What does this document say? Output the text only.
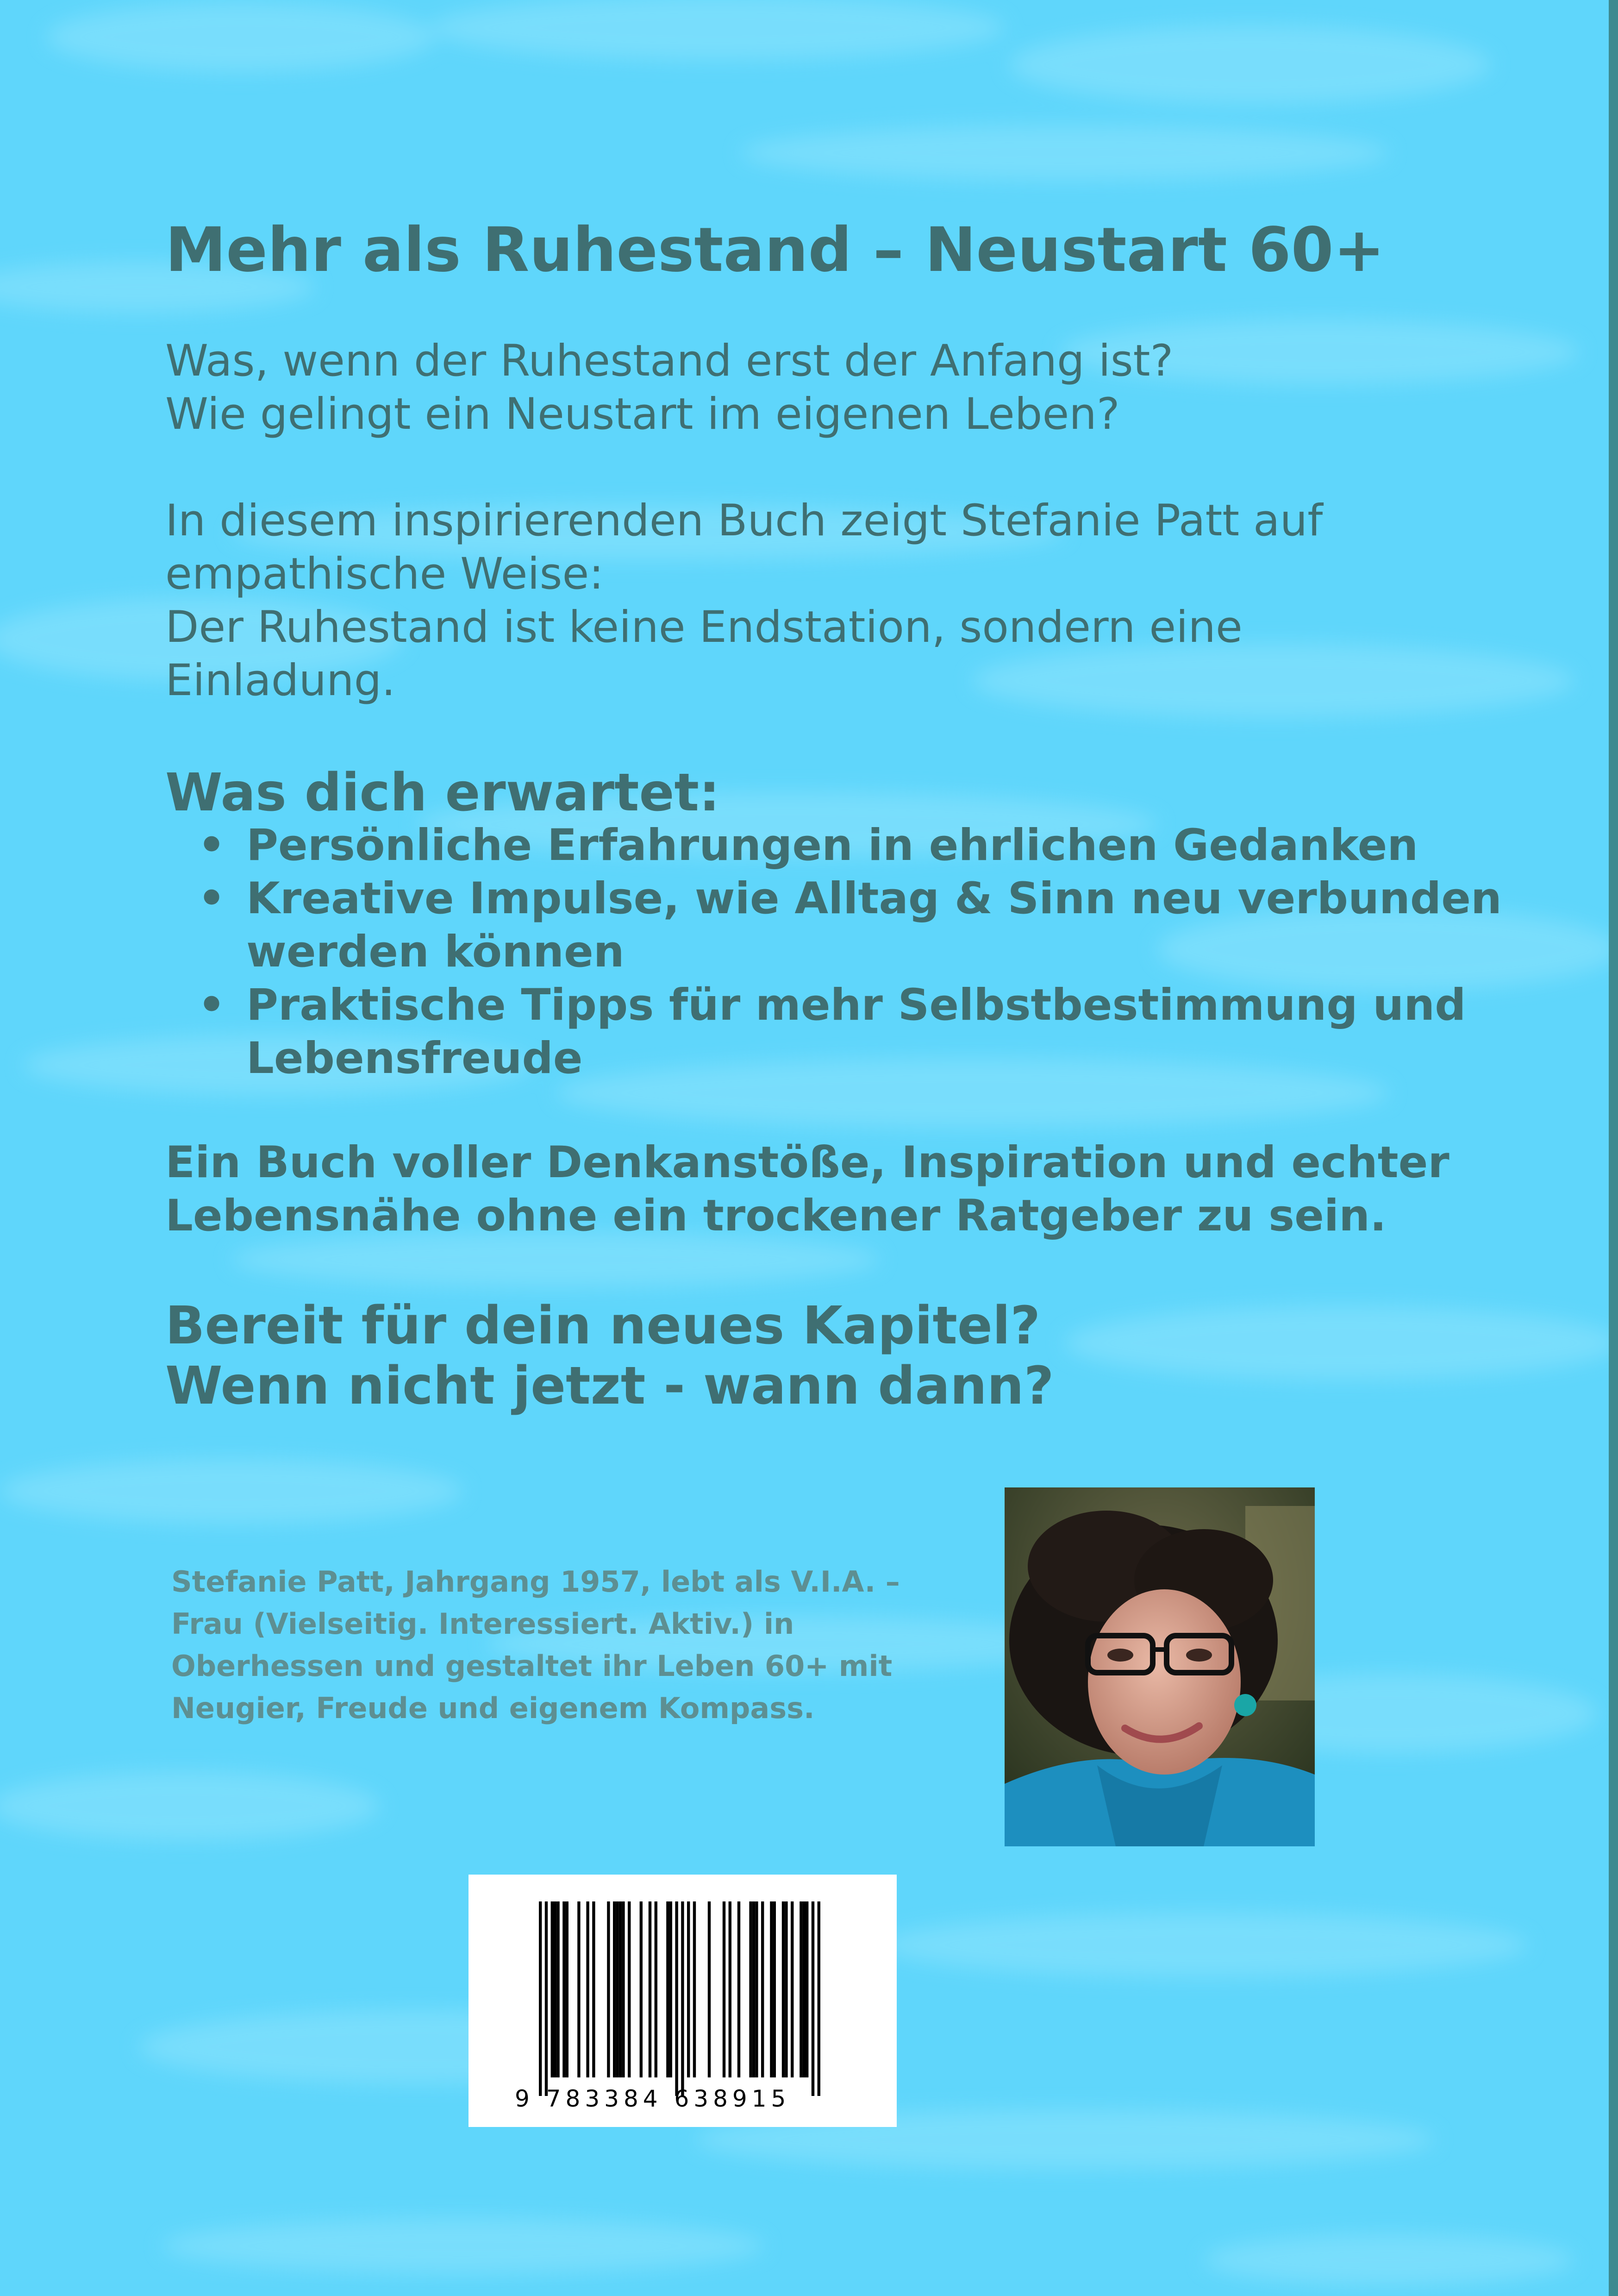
Mehr als Ruhestand – Neustart 60+

Was, wenn der Ruhestand erst der Anfang ist?
Wie gelingt ein Neustart im eigenen Leben?

In diesem inspirierenden Buch zeigt Stefanie Patt auf
empathische Weise:
Der Ruhestand ist keine Endstation, sondern eine
Einladung.

Was dich erwartet:
• Persönliche Erfahrungen in ehrlichen Gedanken
• Kreative Impulse, wie Alltag & Sinn neu verbunden
werden können
• Praktische Tipps für mehr Selbstbestimmung und
Lebensfreude
Ein Buch voller Denkanstöße, Inspiration und echter
Lebensnähe ohne ein trockener Ratgeber zu sein.
Bereit für dein neues Kapitel?
Wenn nicht jetzt - wann dann?
Stefanie Patt, Jahrgang 1957, lebt als V.I.A. –
Frau (Vielseitig. Interessiert. Aktiv.) in
Oberhessen und gestaltet ihr Leben 60+ mit
Neugier, Freude und eigenem Kompass.
9 783384 638915
